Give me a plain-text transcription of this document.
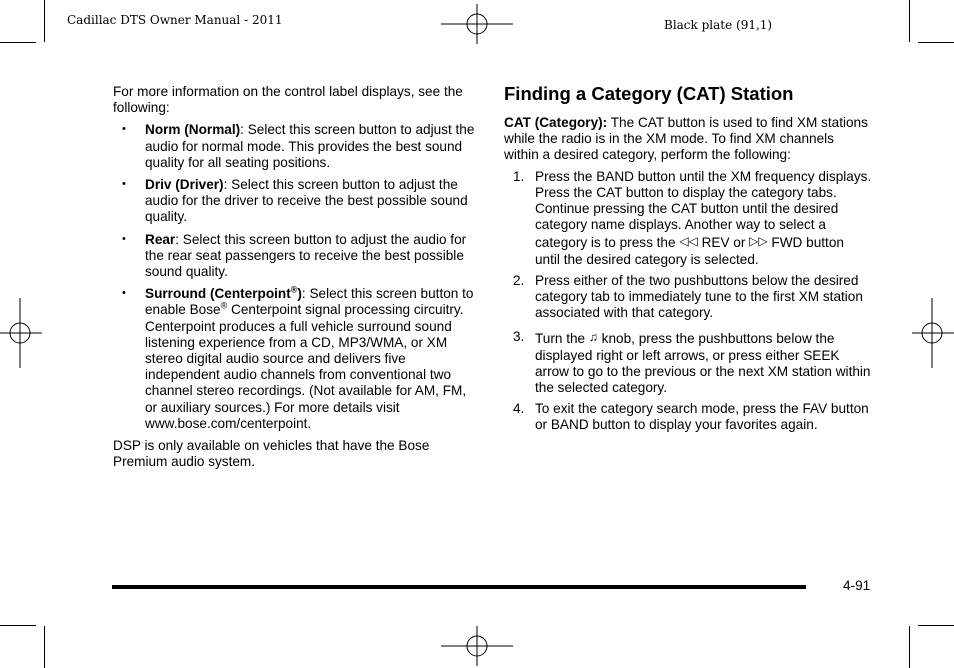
Cadillac DTS Owner Manual - 2011	Black plate (91,1)

For more information on the control label displays, see the following:

• Norm (Normal): Select this screen button to adjust the audio for normal mode. This provides the best sound quality for all seating positions.
• Driv (Driver): Select this screen button to adjust the audio for the driver to receive the best possible sound quality.
• Rear: Select this screen button to adjust the audio for the rear seat passengers to receive the best possible sound quality.
• Surround (Centerpoint®): Select this screen button to enable Bose® Centerpoint signal processing circuitry. Centerpoint produces a full vehicle surround sound listening experience from a CD, MP3/WMA, or XM stereo digital audio source and delivers five independent audio channels from conventional two channel stereo recordings. (Not available for AM, FM, or auxiliary sources.) For more details visit www.bose.com/centerpoint.

DSP is only available on vehicles that have the Bose Premium audio system.

Finding a Category (CAT) Station

CAT (Category): The CAT button is used to find XM stations while the radio is in the XM mode. To find XM channels within a desired category, perform the following:

1. Press the BAND button until the XM frequency displays. Press the CAT button to display the category tabs. Continue pressing the CAT button until the desired category name displays. Another way to select a category is to press the ◁◁ REV or ▷▷ FWD button until the desired category is selected.
2. Press either of the two pushbuttons below the desired category tab to immediately tune to the first XM station associated with that category.
3. Turn the ♫ knob, press the pushbuttons below the displayed right or left arrows, or press either SEEK arrow to go to the previous or the next XM station within the selected category.
4. To exit the category search mode, press the FAV button or BAND button to display your favorites again.
4-91
